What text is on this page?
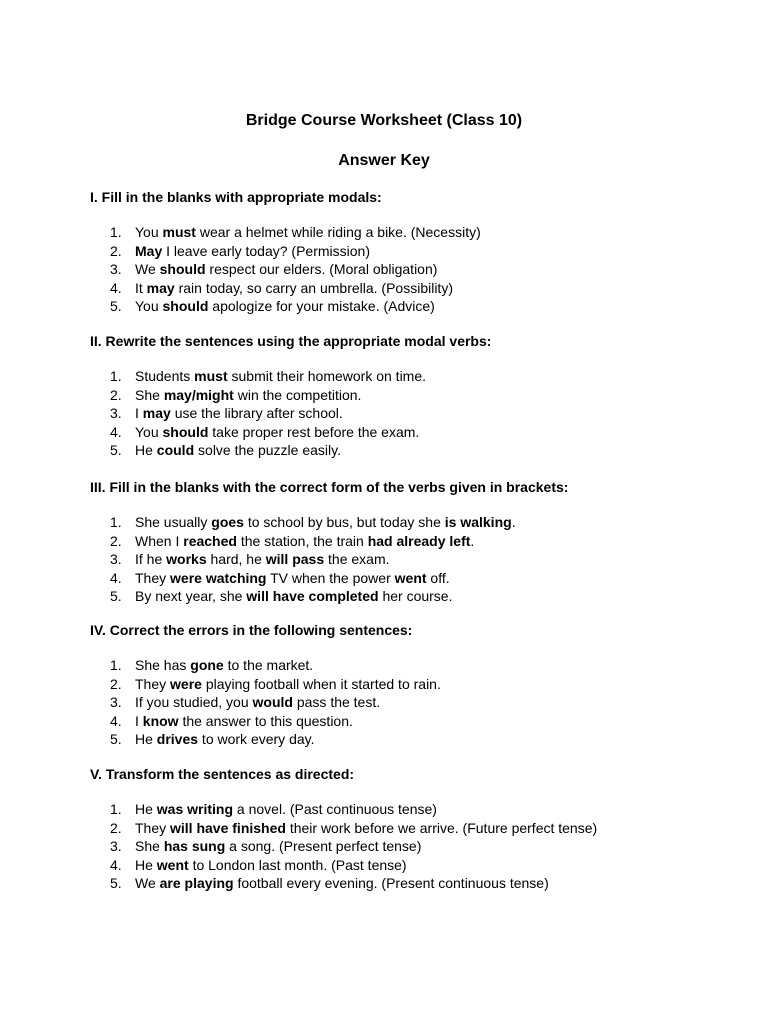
Bridge Course Worksheet (Class 10)
Answer Key
I. Fill in the blanks with appropriate modals:
1. You must wear a helmet while riding a bike. (Necessity)
2. May I leave early today? (Permission)
3. We should respect our elders. (Moral obligation)
4. It may rain today, so carry an umbrella. (Possibility)
5. You should apologize for your mistake. (Advice)
II. Rewrite the sentences using the appropriate modal verbs:
1. Students must submit their homework on time.
2. She may/might win the competition.
3. I may use the library after school.
4. You should take proper rest before the exam.
5. He could solve the puzzle easily.
III. Fill in the blanks with the correct form of the verbs given in brackets:
1. She usually goes to school by bus, but today she is walking.
2. When I reached the station, the train had already left.
3. If he works hard, he will pass the exam.
4. They were watching TV when the power went off.
5. By next year, she will have completed her course.
IV. Correct the errors in the following sentences:
1. She has gone to the market.
2. They were playing football when it started to rain.
3. If you studied, you would pass the test.
4. I know the answer to this question.
5. He drives to work every day.
V. Transform the sentences as directed:
1. He was writing a novel. (Past continuous tense)
2. They will have finished their work before we arrive. (Future perfect tense)
3. She has sung a song. (Present perfect tense)
4. He went to London last month. (Past tense)
5. We are playing football every evening. (Present continuous tense)
